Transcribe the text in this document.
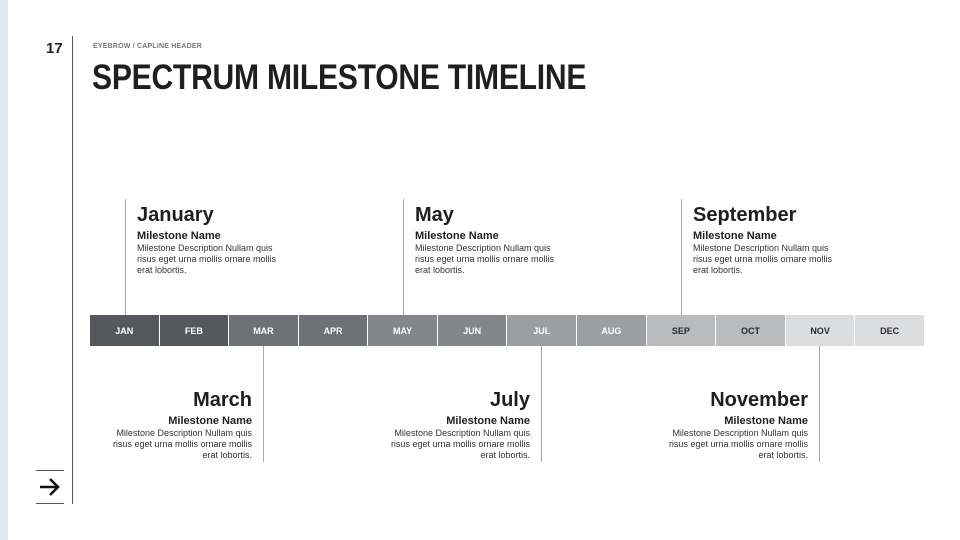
17	EYEBROW / CAPLINE HEADER
SPECTRUM MILESTONE TIMELINE
JAN	FEB	MAR	APR	MAY	JUN	JUL	AUG	SEP	OCT	NOV	DEC
January
Milestone Name
Milestone Description Nullam quis risus eget urna mollis ornare mollis erat lobortis.
May
Milestone Name
Milestone Description Nullam quis risus eget urna mollis ornare mollis erat lobortis.
September
Milestone Name
Milestone Description Nullam quis risus eget urna mollis ornare mollis erat lobortis.
March
Milestone Name
Milestone Description Nullam quis risus eget urna mollis ornare mollis erat lobortis.
July
Milestone Name
Milestone Description Nullam quis risus eget urna mollis ornare mollis erat lobortis.
November
Milestone Name
Milestone Description Nullam quis risus eget urna mollis ornare mollis erat lobortis.
